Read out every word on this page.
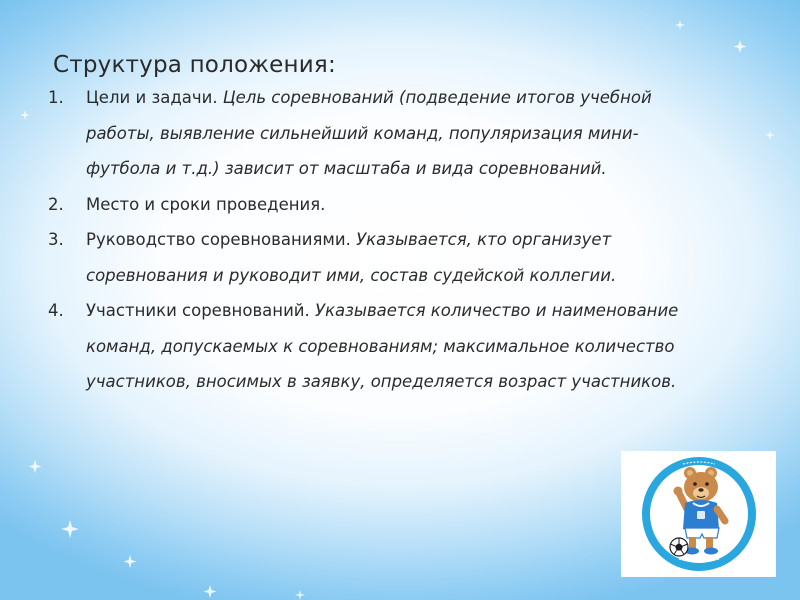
Структура положения:
1. Цели и задачи. Цель соревнований (подведение итогов учебной работы, выявление сильнейший команд, популяризация мини-футбола и т.д.) зависит от масштаба и вида соревнований.
2. Место и сроки проведения.
3. Руководство соревнованиями. Указывается, кто организует соревнования и руководит ими, состав судейской коллегии.
4. Участники соревнований. Указывается количество и наименование команд, допускаемых к соревнованиям; максимальное количество участников, вносимых в заявку, определяется возраст участников.
